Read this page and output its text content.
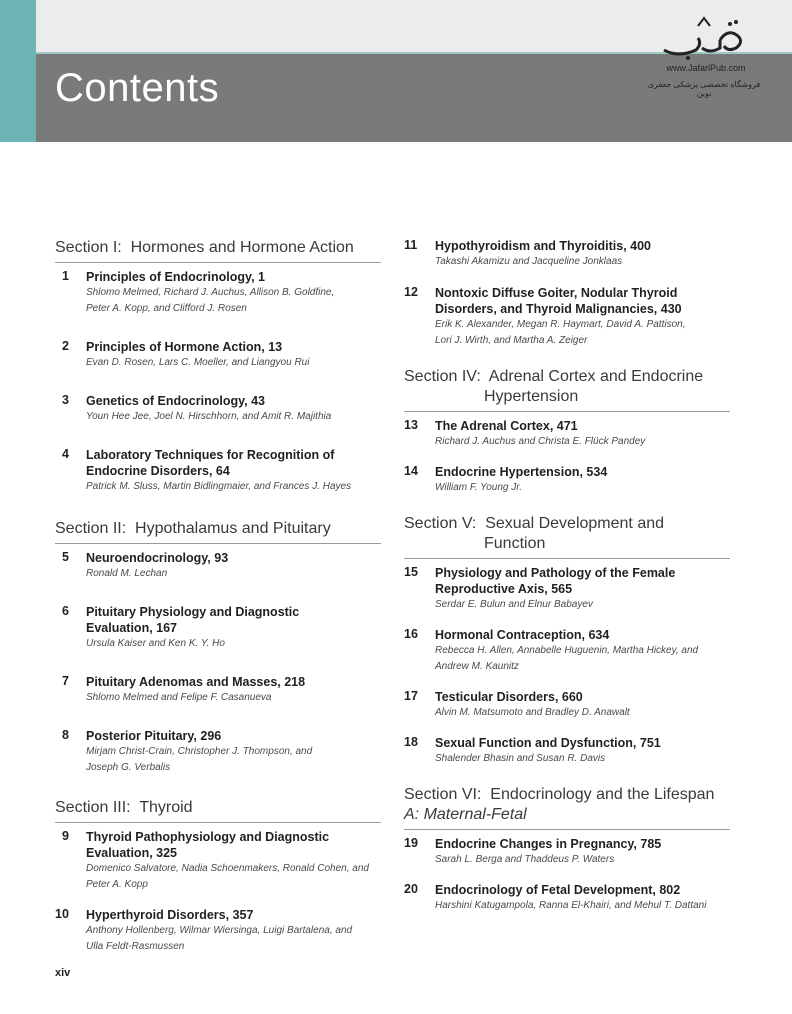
Contents	www.JafariPub.com
فروشگاه تخصصی پزشکی جعفری نوین
Section I: Hormones and Hormone Action
1 Principles of Endocrinology, 1
Shlomo Melmed, Richard J. Auchus, Allison B. Goldfine,
Peter A. Kopp, and Clifford J. Rosen
2 Principles of Hormone Action, 13
Evan D. Rosen, Lars C. Moeller, and Liangyou Rui
3 Genetics of Endocrinology, 43
Youn Hee Jee, Joel N. Hirschhorn, and Amit R. Majithia
4 Laboratory Techniques for Recognition of
Endocrine Disorders, 64
Patrick M. Sluss, Martin Bidlingmaier, and Frances J. Hayes
Section II: Hypothalamus and Pituitary
5 Neuroendocrinology, 93
Ronald M. Lechan
6 Pituitary Physiology and Diagnostic
Evaluation, 167
Ursula Kaiser and Ken K. Y. Ho
7 Pituitary Adenomas and Masses, 218
Shlomo Melmed and Felipe F. Casanueva
8 Posterior Pituitary, 296
Mirjam Christ-Crain, Christopher J. Thompson, and
Joseph G. Verbalis
Section III: Thyroid
9 Thyroid Pathophysiology and Diagnostic
Evaluation, 325
Domenico Salvatore, Nadia Schoenmakers, Ronald Cohen, and
Peter A. Kopp
10 Hyperthyroid Disorders, 357
Anthony Hollenberg, Wilmar Wiersinga, Luigi Bartalena, and
Ulla Feldt-Rasmussen
11 Hypothyroidism and Thyroiditis, 400
Takashi Akamizu and Jacqueline Jonklaas
12 Nontoxic Diffuse Goiter, Nodular Thyroid
Disorders, and Thyroid Malignancies, 430
Erik K. Alexander, Megan R. Haymart, David A. Pattison,
Lori J. Wirth, and Martha A. Zeiger
Section IV: Adrenal Cortex and Endocrine
Hypertension
13 The Adrenal Cortex, 471
Richard J. Auchus and Christa E. Flück Pandey
14 Endocrine Hypertension, 534
William F. Young Jr.
Section V: Sexual Development and
Function
15 Physiology and Pathology of the Female
Reproductive Axis, 565
Serdar E. Bulun and Elnur Babayev
16 Hormonal Contraception, 634
Rebecca H. Allen, Annabelle Huguenin, Martha Hickey, and
Andrew M. Kaunitz
17 Testicular Disorders, 660
Alvin M. Matsumoto and Bradley D. Anawalt
18 Sexual Function and Dysfunction, 751
Shalender Bhasin and Susan R. Davis
Section VI: Endocrinology and the Lifespan
A: Maternal-Fetal
19 Endocrine Changes in Pregnancy, 785
Sarah L. Berga and Thaddeus P. Waters
20 Endocrinology of Fetal Development, 802
Harshini Katugampola, Ranna El-Khairi, and Mehul T. Dattani
xiv
